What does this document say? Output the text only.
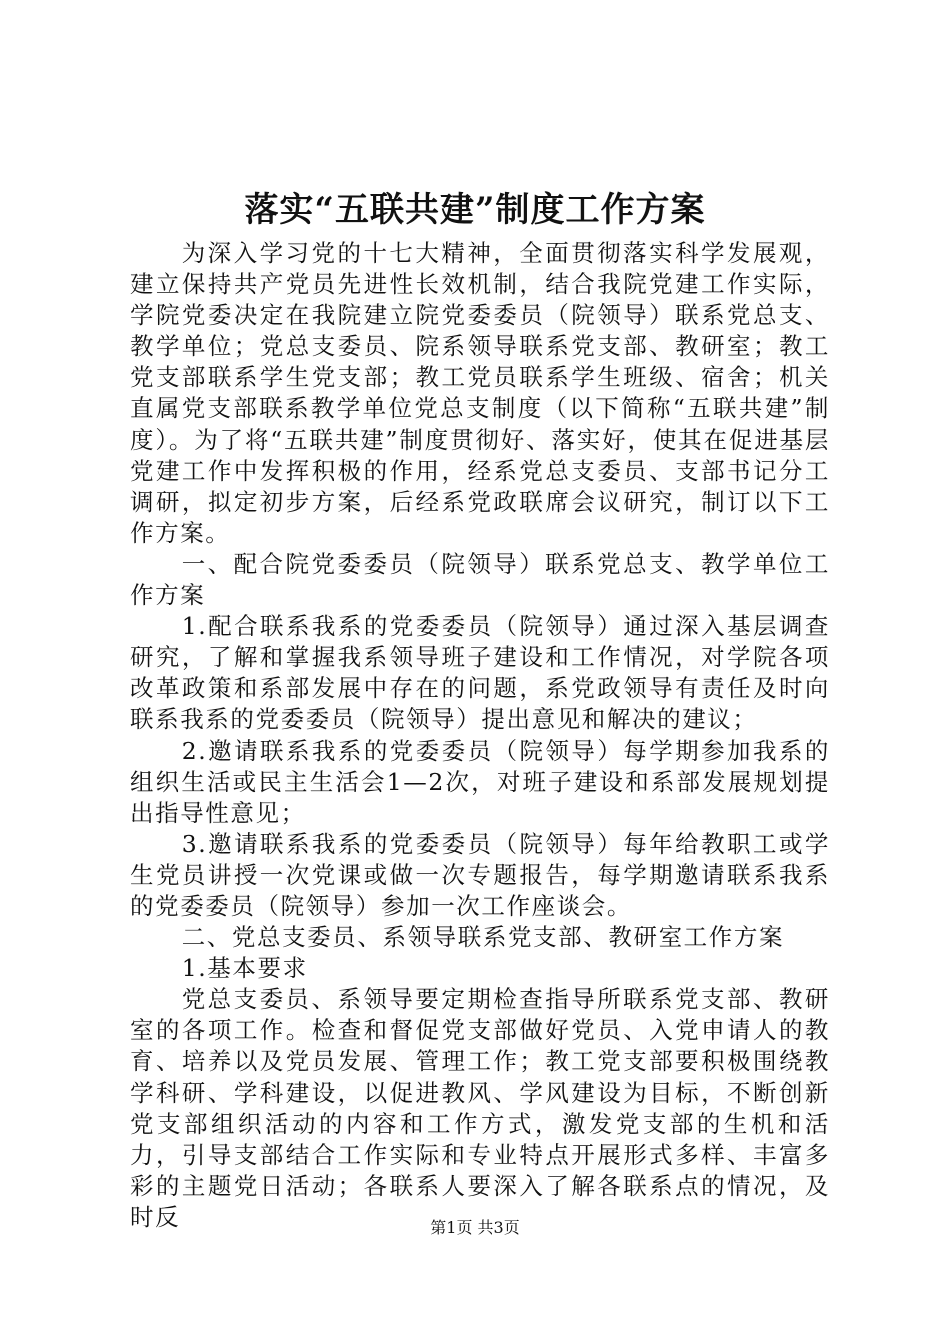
落实“五联共建”制度工作方案

为深入学习党的十七大精神，全面贯彻落实科学发展观，建立保持共产党员先进性长效机制，结合我院党建工作实际，学院党委决定在我院建立院党委委员（院领导）联系党总支、教学单位；党总支委员、院系领导联系党支部、教研室；教工党支部联系学生党支部；教工党员联系学生班级、宿舍；机关直属党支部联系教学单位党总支制度（以下简称“五联共建”制度）。为了将“五联共建”制度贯彻好、落实好，使其在促进基层党建工作中发挥积极的作用，经系党总支委员、支部书记分工调研，拟定初步方案，后经系党政联席会议研究，制订以下工作方案。

一、配合院党委委员（院领导）联系党总支、教学单位工作方案

1.配合联系我系的党委委员（院领导）通过深入基层调查研究，了解和掌握我系领导班子建设和工作情况，对学院各项改革政策和系部发展中存在的问题，系党政领导有责任及时向联系我系的党委委员（院领导）提出意见和解决的建议；

2.邀请联系我系的党委委员（院领导）每学期参加我系的组织生活或民主生活会1—2次，对班子建设和系部发展规划提出指导性意见；

3.邀请联系我系的党委委员（院领导）每年给教职工或学生党员讲授一次党课或做一次专题报告，每学期邀请联系我系的党委委员（院领导）参加一次工作座谈会。

二、党总支委员、系领导联系党支部、教研室工作方案

1.基本要求

党总支委员、系领导要定期检查指导所联系党支部、教研室的各项工作。检查和督促党支部做好党员、入党申请人的教育、培养以及党员发展、管理工作；教工党支部要积极围绕教学科研、学科建设，以促进教风、学风建设为目标，不断创新党支部组织活动的内容和工作方式，激发党支部的生机和活力，引导支部结合工作实际和专业特点开展形式多样、丰富多彩的主题党日活动；各联系人要深入了解各联系点的情况，及时反	第1页 共3页
